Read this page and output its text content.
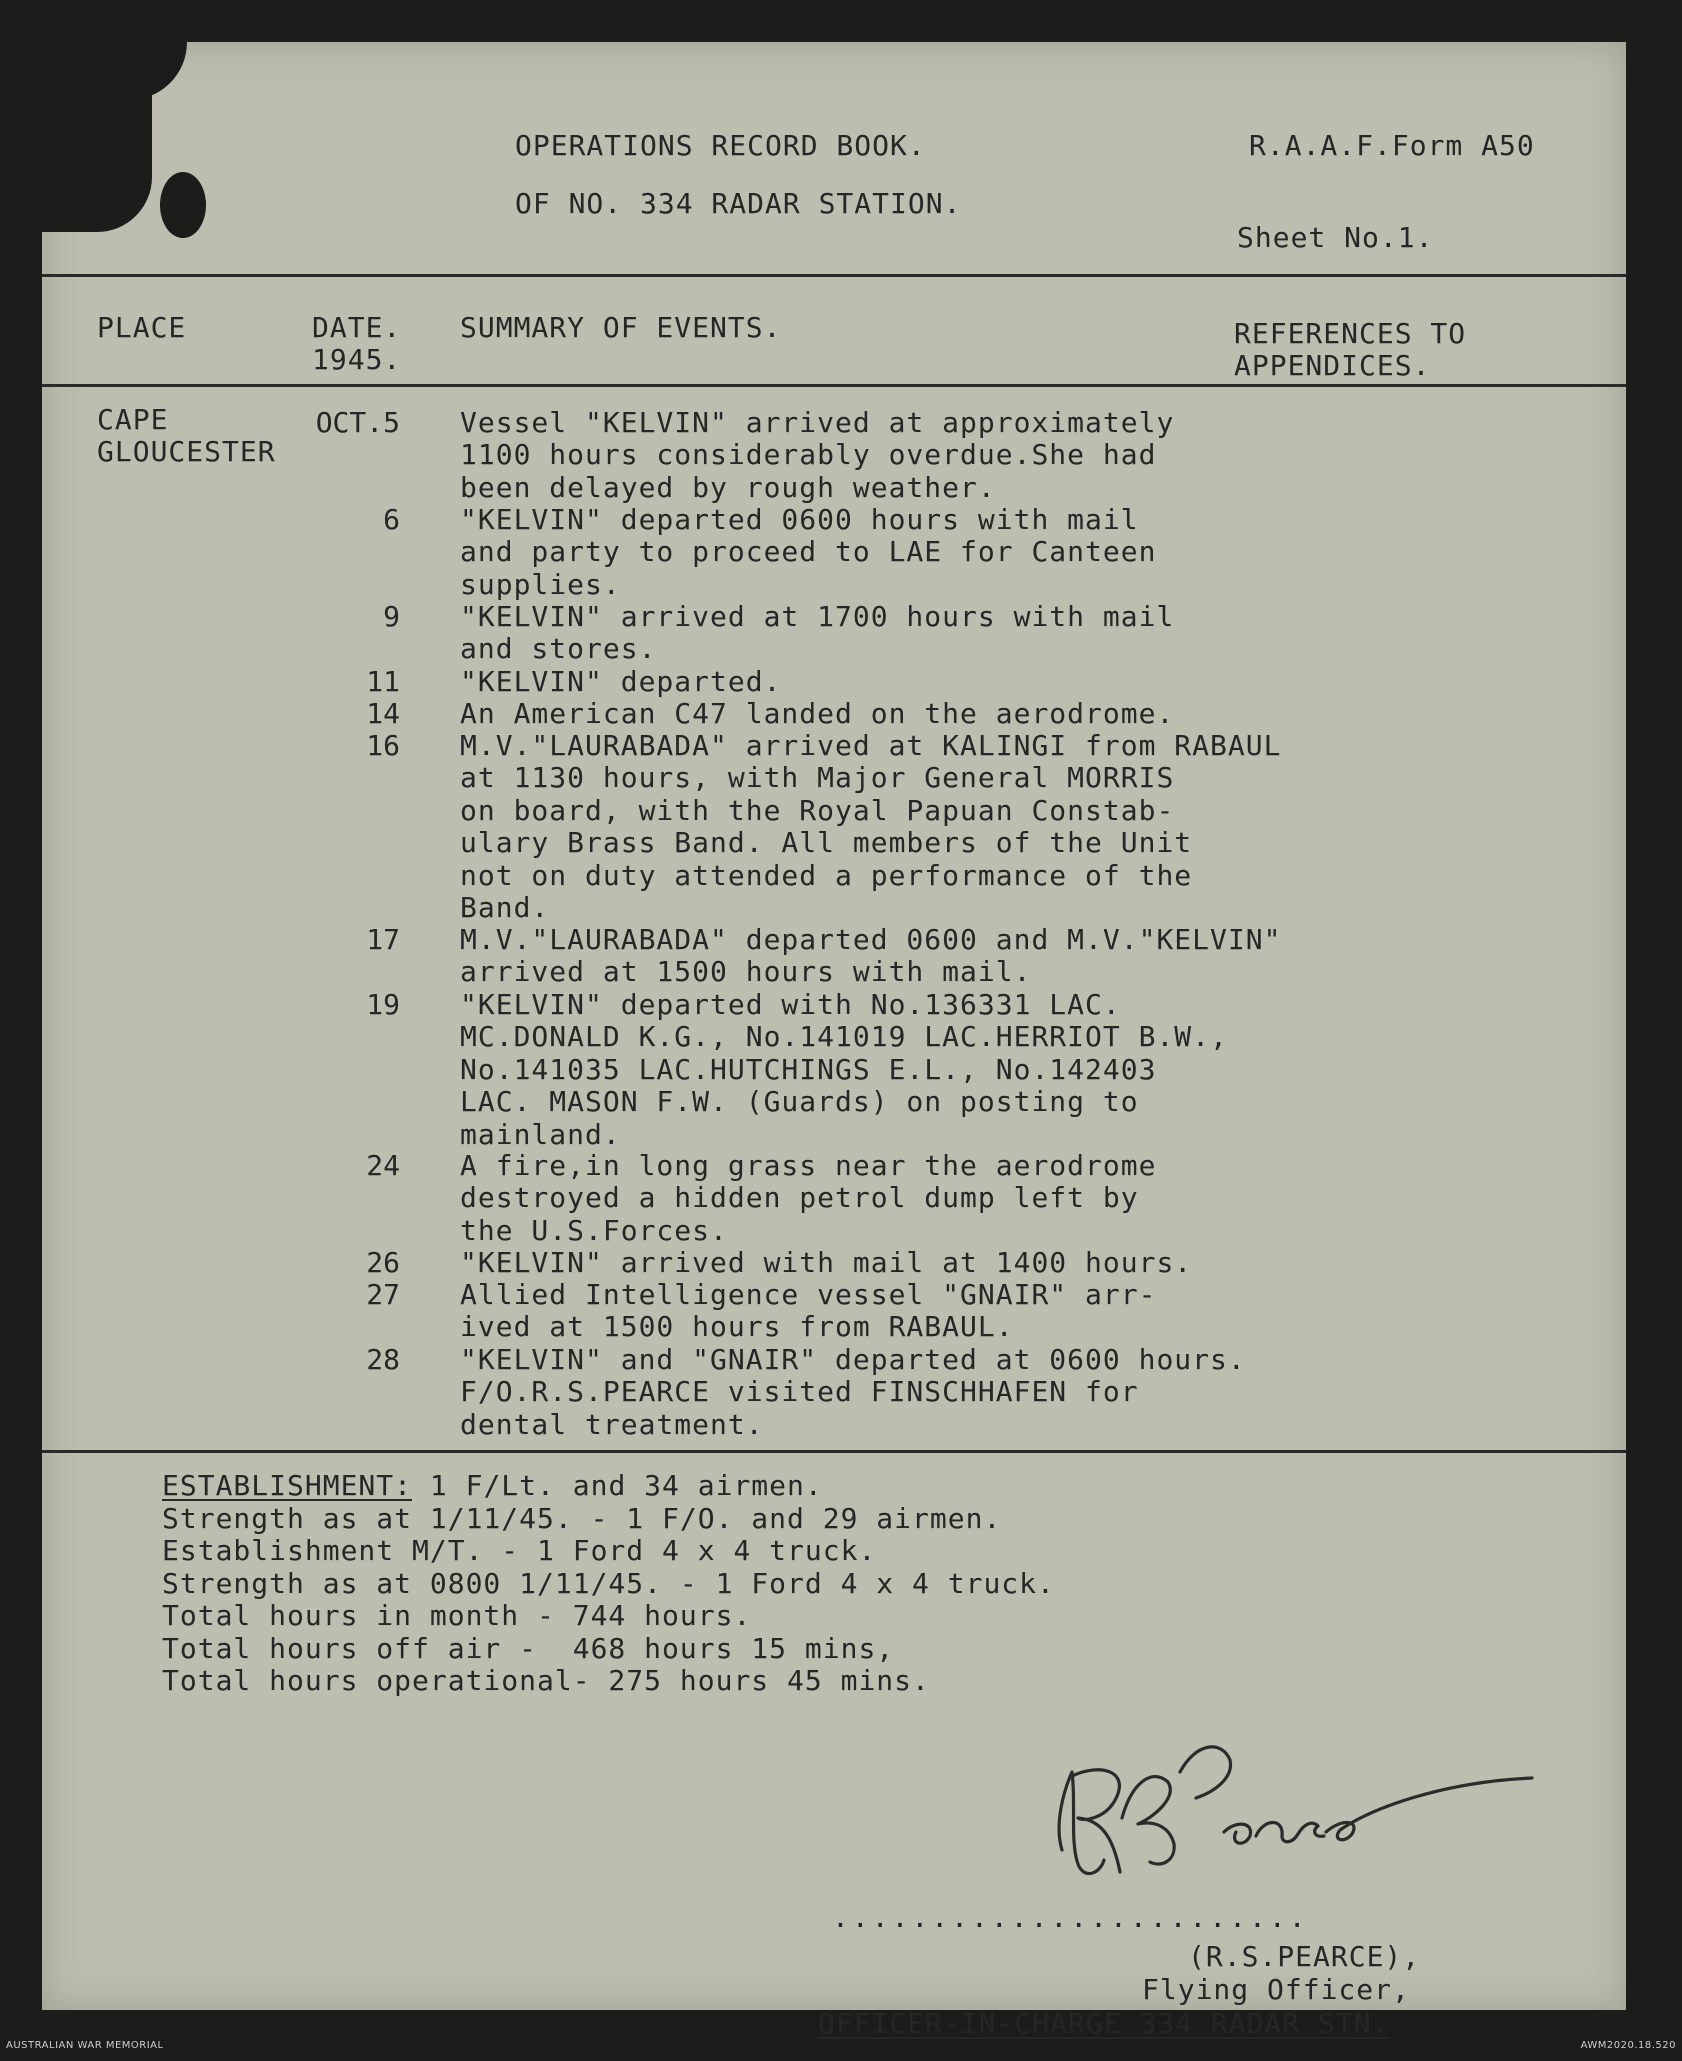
OPERATIONS RECORD BOOK.	R.A.A.F.Form A50
OF NO. 334 RADAR STATION.
Sheet No.1.
PLACE	DATE.
1945.
SUMMARY OF EVENTS.	REFERENCES TO
APPENDICES.
CAPE
GLOUCESTER
OCT.5 Vessel "KELVIN" arrived at approximately
1100 hours considerably overdue.She had
been delayed by rough weather.
6 "KELVIN" departed 0600 hours with mail
and party to proceed to LAE for Canteen
supplies.
9 "KELVIN" arrived at 1700 hours with mail
and stores.
11 "KELVIN" departed.
14 An American C47 landed on the aerodrome.
16 M.V."LAURABADA" arrived at KALINGI from RABAUL
at 1130 hours, with Major General MORRIS
on board, with the Royal Papuan Constab-
ulary Brass Band. All members of the Unit
not on duty attended a performance of the
Band.
17 M.V."LAURABADA" departed 0600 and M.V."KELVIN"
arrived at 1500 hours with mail.
19 "KELVIN" departed with No.136331 LAC.
MC.DONALD K.G., No.141019 LAC.HERRIOT B.W.,
No.141035 LAC.HUTCHINGS E.L., No.142403
LAC. MASON F.W. (Guards) on posting to
mainland.
24 A fire,in long grass near the aerodrome
destroyed a hidden petrol dump left by
the U.S.Forces.
26 "KELVIN" arrived with mail at 1400 hours.
27 Allied Intelligence vessel "GNAIR" arr-
ived at 1500 hours from RABAUL.
28 "KELVIN" and "GNAIR" departed at 0600 hours.
F/O.R.S.PEARCE visited FINSCHHAFEN for
dental treatment.
ESTABLISHMENT: 1 F/Lt. and 34 airmen.
Strength as at 1/11/45. - 1 F/O. and 29 airmen.
Establishment M/T. - 1 Ford 4 x 4 truck.
Strength as at 0800 1/11/45. - 1 Ford 4 x 4 truck.
Total hours in month - 744 hours.
Total hours off air -  468 hours 15 mins,
Total hours operational- 275 hours 45 mins.
........................
(R.S.PEARCE),
Flying Officer,
OFFICER-IN-CHARGE 334 RADAR STN.
AUSTRALIAN WAR MEMORIAL	AWM2020.18.520
